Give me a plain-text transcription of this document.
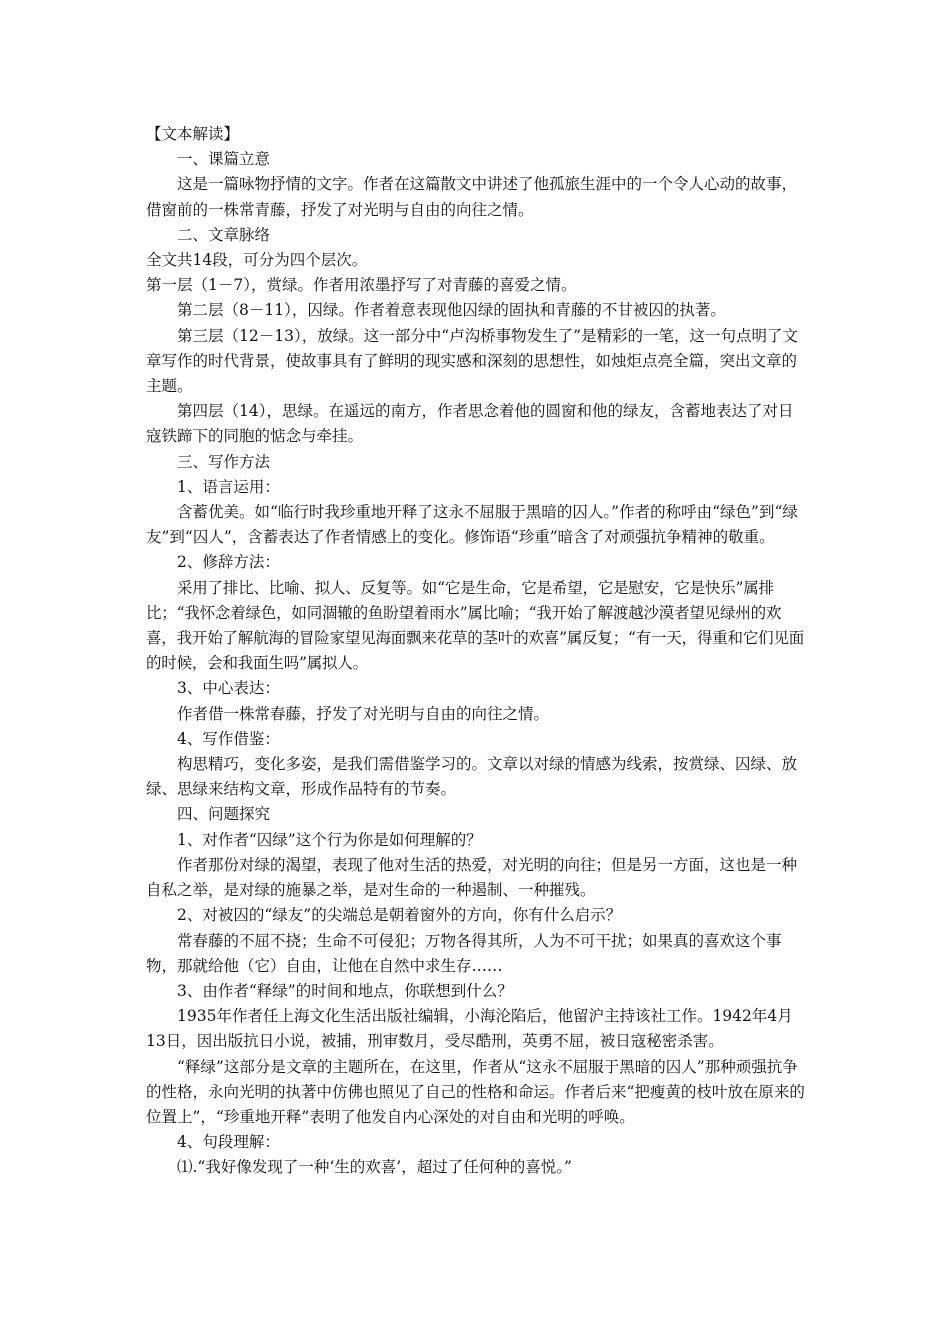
【文本解读】

一、课篇立意

这是一篇咏物抒情的文字。作者在这篇散文中讲述了他孤旅生涯中的一个令人心动的故事，借窗前的一株常青藤，抒发了对光明与自由的向往之情。

二、文章脉络

全文共14段，可分为四个层次。

第一层（1－7），赏绿。作者用浓墨抒写了对青藤的喜爱之情。

第二层（8－11），囚绿。作者着意表现他囚绿的固执和青藤的不甘被囚的执著。

第三层（12－13），放绿。这一部分中“卢沟桥事物发生了”是精彩的一笔，这一句点明了文章写作的时代背景，使故事具有了鲜明的现实感和深刻的思想性，如烛炬点亮全篇，突出文章的主题。

第四层（14），思绿。在遥远的南方，作者思念着他的圆窗和他的绿友，含蓄地表达了对日寇铁蹄下的同胞的惦念与牵挂。

三、写作方法

1、语言运用：

含蓄优美。如“临行时我珍重地开释了这永不屈服于黑暗的囚人。”作者的称呼由“绿色”到“绿友”到“囚人”，含蓄表达了作者情感上的变化。修饰语“珍重”暗含了对顽强抗争精神的敬重。

2、修辞方法：

采用了排比、比喻、拟人、反复等。如“它是生命，它是希望，它是慰安，它是快乐”属排比；“我怀念着绿色，如同涸辙的鱼盼望着雨水”属比喻；“我开始了解渡越沙漠者望见绿州的欢喜，我开始了解航海的冒险家望见海面飘来花草的茎叶的欢喜”属反复；“有一天，得重和它们见面的时候，会和我面生吗”属拟人。

3、中心表达：

作者借一株常春藤，抒发了对光明与自由的向往之情。

4、写作借鉴：

构思精巧，变化多姿，是我们需借鉴学习的。文章以对绿的情感为线索，按赏绿、囚绿、放绿、思绿来结构文章，形成作品特有的节奏。

四、问题探究

1、对作者“囚绿”这个行为你是如何理解的？

作者那份对绿的渴望，表现了他对生活的热爱，对光明的向往；但是另一方面，这也是一种自私之举，是对绿的施暴之举，是对生命的一种遏制、一种摧残。

2、对被囚的“绿友”的尖端总是朝着窗外的方向，你有什么启示？

常春藤的不屈不挠；生命不可侵犯；万物各得其所，人为不可干扰；如果真的喜欢这个事物，那就给他（它）自由，让他在自然中求生存……

3、由作者“释绿”的时间和地点，你联想到什么？

1935年作者任上海文化生活出版社编辑，小海沦陷后，他留沪主持该社工作。1942年4月13日，因出版抗日小说，被捕，刑审数月，受尽酷刑，英勇不屈，被日寇秘密杀害。

“释绿”这部分是文章的主题所在，在这里，作者从“这永不屈服于黑暗的囚人”那种顽强抗争的性格，永向光明的执著中仿佛也照见了自己的性格和命运。作者后来“把瘦黄的枝叶放在原来的位置上”，“珍重地开释”表明了他发自内心深处的对自由和光明的呼唤。

4、句段理解：

⑴.“我好像发现了一种‘生的欢喜’，超过了任何种的喜悦。”
